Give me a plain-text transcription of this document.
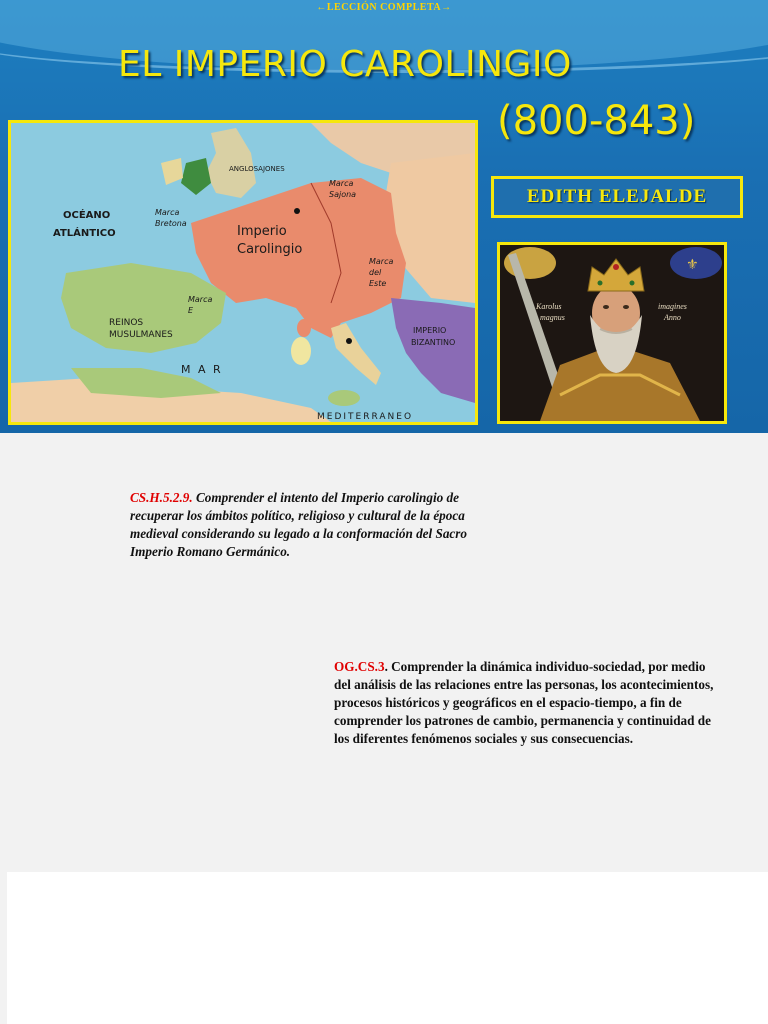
←LECCIÓN COMPLETA→
EL IMPERIO CAROLINGIO
(800-843)
EDITH ELEJALDE
ANGLOSAJONES
OCÉANO
ATLÁNTICO
Marca
Bretona
Imperio
Carolingio
Marca
Sajona
Marca
del
Este
Marca
E
REINOS
MUSULMANES	IMPERIO
BIZANTINO
M A R
MEDITERRANEO
⚜
Karolus
magnus
imagines
Anno
CS.H.5.2.9. Comprender el intento del Imperio carolingio de recuperar los ámbitos político, religioso y cultural de la época medieval considerando su legado a la conformación del Sacro Imperio Romano Germánico.
OG.CS.3. Comprender la dinámica individuo-sociedad, por medio del análisis de las relaciones entre las personas, los acontecimientos, procesos históricos y geográficos en el espacio-tiempo, a fin de comprender los patrones de cambio, permanencia y continuidad de los diferentes fenómenos sociales y sus consecuencias.
